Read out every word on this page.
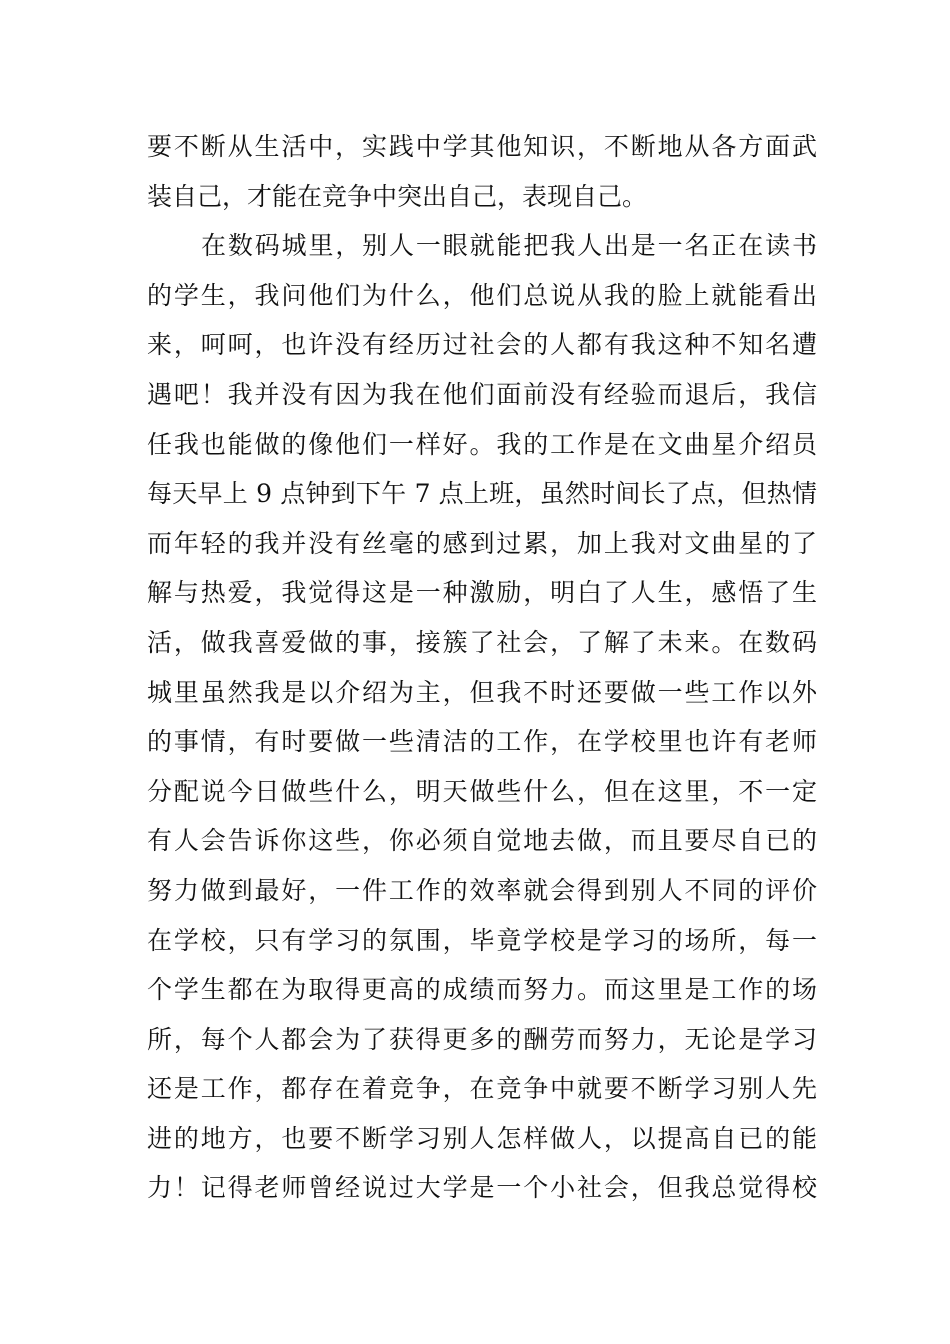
要不断从生活中，实践中学其他知识，不断地从各方面武
装自己，才能在竞争中突出自己，表现自己。
在数码城里，别人一眼就能把我人出是一名正在读书
的学生，我问他们为什么，他们总说从我的脸上就能看出
来，呵呵，也许没有经历过社会的人都有我这种不知名遭
遇吧！我并没有因为我在他们面前没有经验而退后，我信
任我也能做的像他们一样好。我的工作是在文曲星介绍员
每天早上 9 点钟到下午 7 点上班，虽然时间长了点，但热情
而年轻的我并没有丝毫的感到过累，加上我对文曲星的了
解与热爱，我觉得这是一种激励，明白了人生，感悟了生
活，做我喜爱做的事，接簇了社会，了解了未来。在数码
城里虽然我是以介绍为主，但我不时还要做一些工作以外
的事情，有时要做一些清洁的工作，在学校里也许有老师
分配说今日做些什么，明天做些什么，但在这里，不一定
有人会告诉你这些，你必须自觉地去做，而且要尽自已的
努力做到最好，一件工作的效率就会得到别人不同的评价
在学校，只有学习的氛围，毕竟学校是学习的场所，每一
个学生都在为取得更高的成绩而努力。而这里是工作的场
所，每个人都会为了获得更多的酬劳而努力，无论是学习
还是工作，都存在着竞争，在竞争中就要不断学习别人先
进的地方，也要不断学习别人怎样做人，以提高自已的能
力！记得老师曾经说过大学是一个小社会，但我总觉得校
